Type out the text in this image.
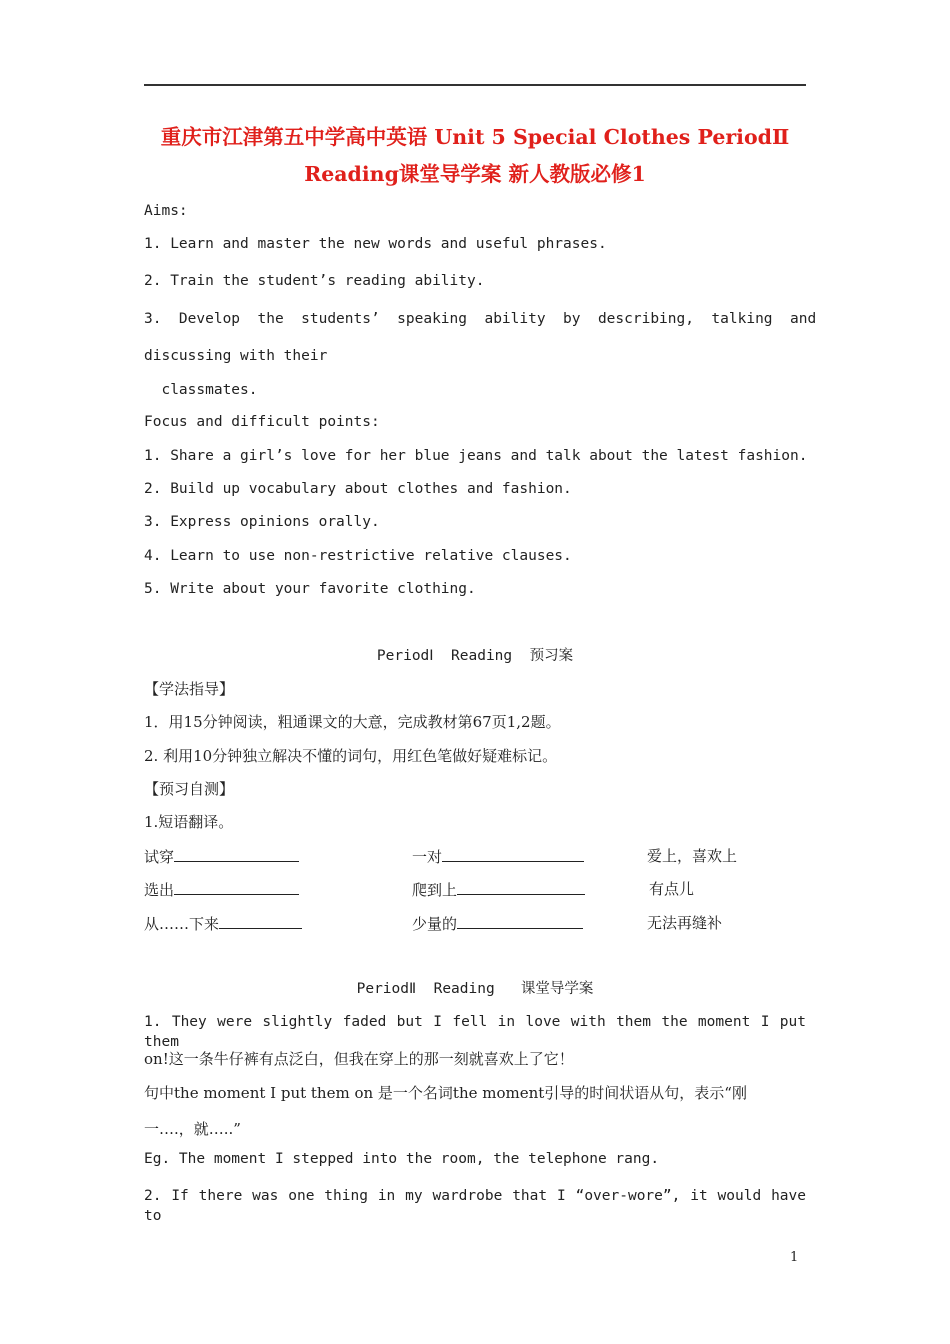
重庆市江津第五中学高中英语 Unit 5 Special Clothes PeriodⅡ
Reading课堂导学案 新人教版必修1
Aims:
1. Learn and master the new words and useful phrases.
2. Train the student’s reading ability.
3.  Develop  the  students’  speaking  ability  by  describing,  talking  and
discussing with their
classmates.
Focus and difficult points:
1. Share a girl’s love for her blue jeans and talk about the latest fashion.
2. Build up vocabulary about clothes and fashion.
3. Express opinions orally.
4. Learn to use non-restrictive relative clauses.
5. Write about your favorite clothing.
PeriodⅠ  Reading  预习案
【学法指导】
1．用15分钟阅读，粗通课文的大意，完成教材第67页1,2题。
2. 利用10分钟独立解决不懂的词句，用红色笔做好疑难标记。
【预习自测】
1.短语翻译。
试穿	一对	爱上，喜欢上
选出	爬到上	有点儿
从……下来	少量的	无法再缝补
PeriodⅡ  Reading   课堂导学案
1. They were slightly faded but I fell in love with them the moment I put them
on!这一条牛仔裤有点泛白，但我在穿上的那一刻就喜欢上了它！
句中the moment I put them on 是一个名词the moment引导的时间状语从句，表示“刚
一….，就…..”
Eg. The moment I stepped into the room, the telephone rang.
2. If there was one thing in my wardrobe that I “over-wore”, it would have to
1
